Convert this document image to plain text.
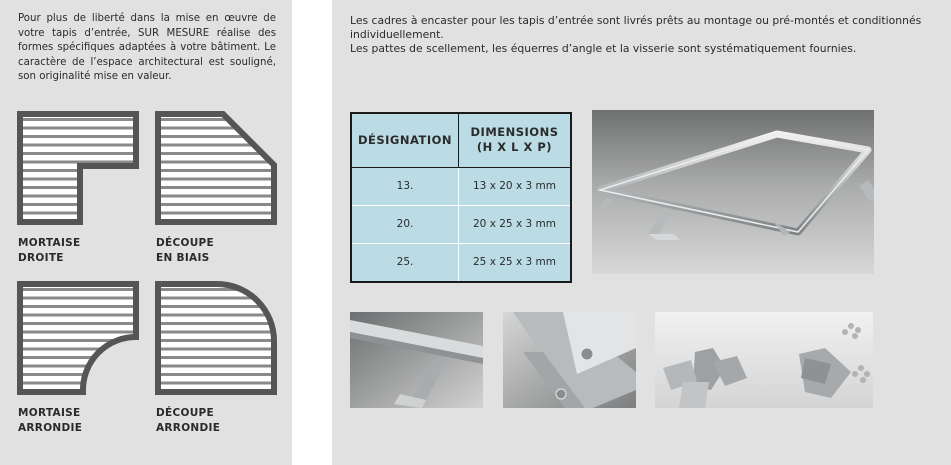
Pour plus de liberté dans la mise en œuvre de votre tapis d’entrée, SUR MESURE réalise des formes spécifiques adaptées à votre bâtiment. Le caractère de l’espace architectural est souligné, son originalité mise en valeur.
MORTAISE
DROITE
DÉCOUPE
EN BIAIS
MORTAISE
ARRONDIE
DÉCOUPE
ARRONDIE
Les cadres à encaster pour les tapis d’entrée sont livrés prêts au montage ou pré-montés et conditionnés
individuellement.
Les pattes de scellement, les équerres d’angle et la visserie sont systématiquement fournies.
DÉSIGNATION	DIMENSIONS
(H X L X P)

13.	13 x 20 x 3 mm
20.	20 x 25 x 3 mm
25.	25 x 25 x 3 mm
